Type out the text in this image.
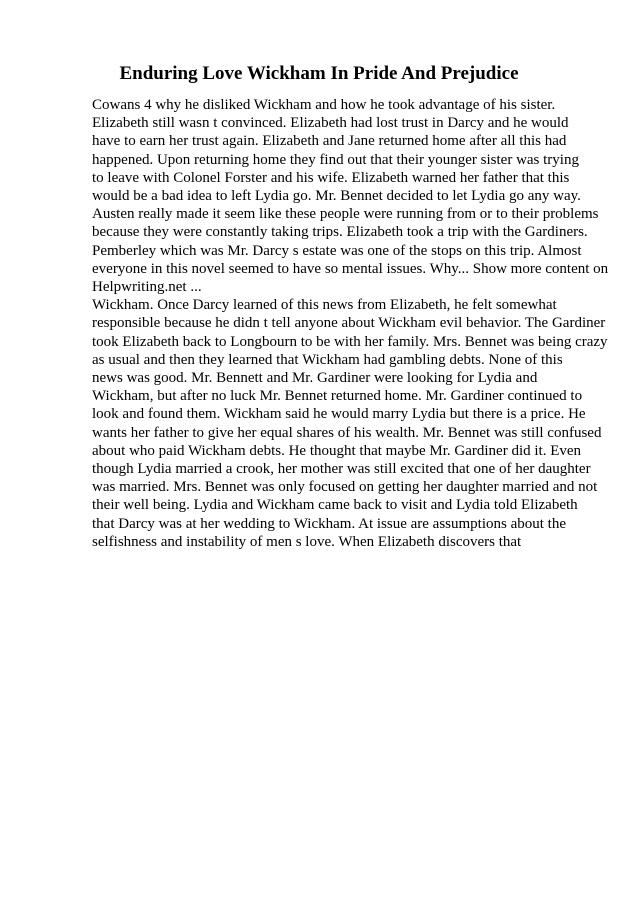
Enduring Love Wickham In Pride And Prejudice
Cowans 4 why he disliked Wickham and how he took advantage of his sister.
Elizabeth still wasn t convinced. Elizabeth had lost trust in Darcy and he would
have to earn her trust again. Elizabeth and Jane returned home after all this had
happened. Upon returning home they find out that their younger sister was trying
to leave with Colonel Forster and his wife. Elizabeth warned her father that this
would be a bad idea to left Lydia go. Mr. Bennet decided to let Lydia go any way.
Austen really made it seem like these people were running from or to their problems
because they were constantly taking trips. Elizabeth took a trip with the Gardiners.
Pemberley which was Mr. Darcy s estate was one of the stops on this trip. Almost
everyone in this novel seemed to have so mental issues. Why... Show more content on
Helpwriting.net ...
Wickham. Once Darcy learned of this news from Elizabeth, he felt somewhat
responsible because he didn t tell anyone about Wickham evil behavior. The Gardiner
took Elizabeth back to Longbourn to be with her family. Mrs. Bennet was being crazy
as usual and then they learned that Wickham had gambling debts. None of this
news was good. Mr. Bennett and Mr. Gardiner were looking for Lydia and
Wickham, but after no luck Mr. Bennet returned home. Mr. Gardiner continued to
look and found them. Wickham said he would marry Lydia but there is a price. He
wants her father to give her equal shares of his wealth. Mr. Bennet was still confused
about who paid Wickham debts. He thought that maybe Mr. Gardiner did it. Even
though Lydia married a crook, her mother was still excited that one of her daughter
was married. Mrs. Bennet was only focused on getting her daughter married and not
their well being. Lydia and Wickham came back to visit and Lydia told Elizabeth
that Darcy was at her wedding to Wickham. At issue are assumptions about the
selfishness and instability of men s love. When Elizabeth discovers that
